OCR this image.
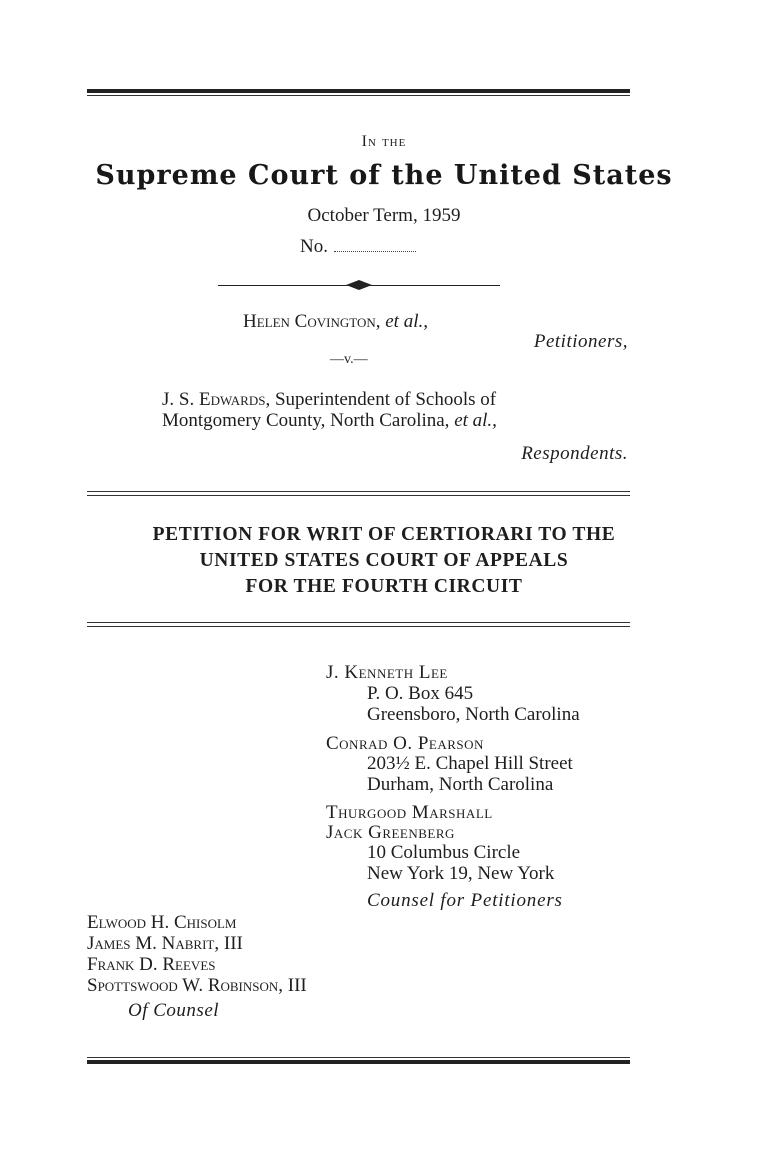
In the
Supreme Court of the United States
October Term, 1959
No.
Helen Covington, et al.,
Petitioners,
—v.—
J. S. Edwards, Superintendent of Schools of
Montgomery County, North Carolina, et al.,
Respondents.
PETITION FOR WRIT OF CERTIORARI TO THE
UNITED STATES COURT OF APPEALS
FOR THE FOURTH CIRCUIT
J. Kenneth Lee
P. O. Box 645
Greensboro, North Carolina
Conrad O. Pearson
203½ E. Chapel Hill Street
Durham, North Carolina
Thurgood Marshall
Jack Greenberg
10 Columbus Circle
New York 19, New York
Counsel for Petitioners
Elwood H. Chisolm
James M. Nabrit, III
Frank D. Reeves
Spottswood W. Robinson, III
Of Counsel
